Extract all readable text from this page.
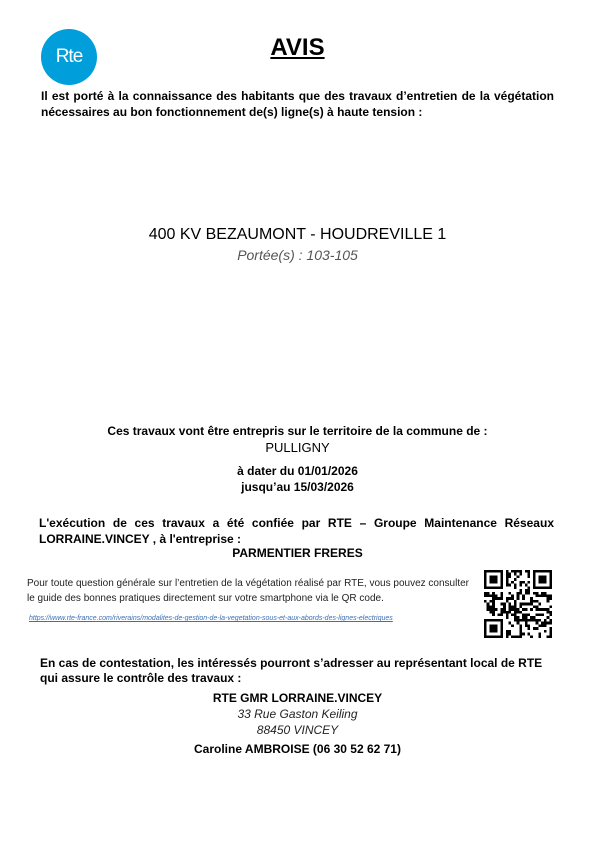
Rte	AVIS
Il est porté à la connaissance des habitants que des travaux d’entretien de la végétation nécessaires au bon fonctionnement de(s) ligne(s) à haute tension :
400 KV BEZAUMONT - HOUDREVILLE 1
Portée(s) : 103-105
Ces travaux vont être entrepris sur le territoire de la commune de :
PULLIGNY
à dater du 01/01/2026
jusqu’au 15/03/2026
L'exécution de ces travaux a été confiée par RTE – Groupe Maintenance Réseaux LORRAINE.VINCEY , à l'entreprise :
PARMENTIER FRERES
Pour toute question générale sur l’entretien de la végétation réalisé par RTE, vous pouvez consulter le guide des bonnes pratiques directement sur votre smartphone via le QR code.
https://www.rte-france.com/riverains/modalites-de-gestion-de-la-vegetation-sous-et-aux-abords-des-lignes-electriques
En cas de contestation, les intéressés pourront s’adresser au représentant local de RTE qui assure le contrôle des travaux :
RTE GMR LORRAINE.VINCEY
33 Rue Gaston Keiling
88450 VINCEY
Caroline AMBROISE (06 30 52 62 71)
